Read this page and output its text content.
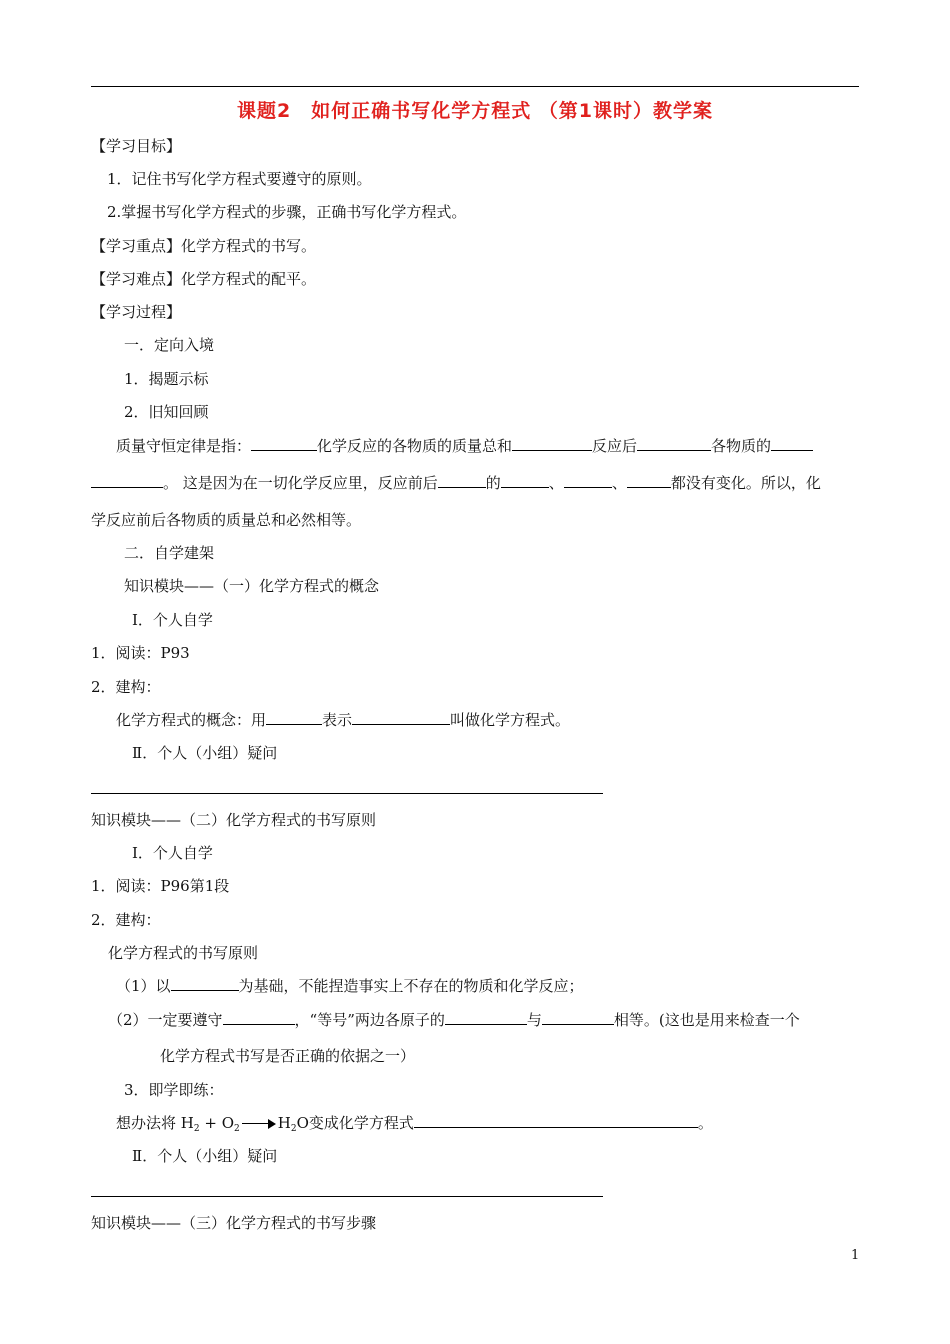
课题2　如何正确书写化学方程式 （第1课时）教学案
【学习目标】
1．记住书写化学方程式要遵守的原则。
2.掌握书写化学方程式的步骤，正确书写化学方程式。
【学习重点】化学方程式的书写。
【学习难点】化学方程式的配平。
【学习过程】
一．定向入境
1．揭题示标
2．旧知回顾
质量守恒定律是指：	化学反应的各物质的质量总和	反应后	各物质的
。 这是因为在一切化学反应里，反应前后	的	、	、	都没有变化。所以，化
学反应前后各物质的质量总和必然相等。
二．自学建架
知识模块——（一）化学方程式的概念
Ⅰ．个人自学
1．阅读：P93
2．建构：
化学方程式的概念：用	表示	叫做化学方程式。
Ⅱ．个人（小组）疑问
知识模块——（二）化学方程式的书写原则
Ⅰ．个人自学
1．阅读：P96第1段
2．建构：
化学方程式的书写原则
（1）以	为基础，不能捏造事实上不存在的物质和化学反应；
（2）一定要遵守	，“等号”两边各原子的	与	相等。(这也是用来检查一个
化学方程式书写是否正确的依据之一）
3．即学即练：
想办法将 $H_2 + O_2$	$H_2O$变成化学方程式	。
Ⅱ．个人（小组）疑问
知识模块——（三）化学方程式的书写步骤
1
